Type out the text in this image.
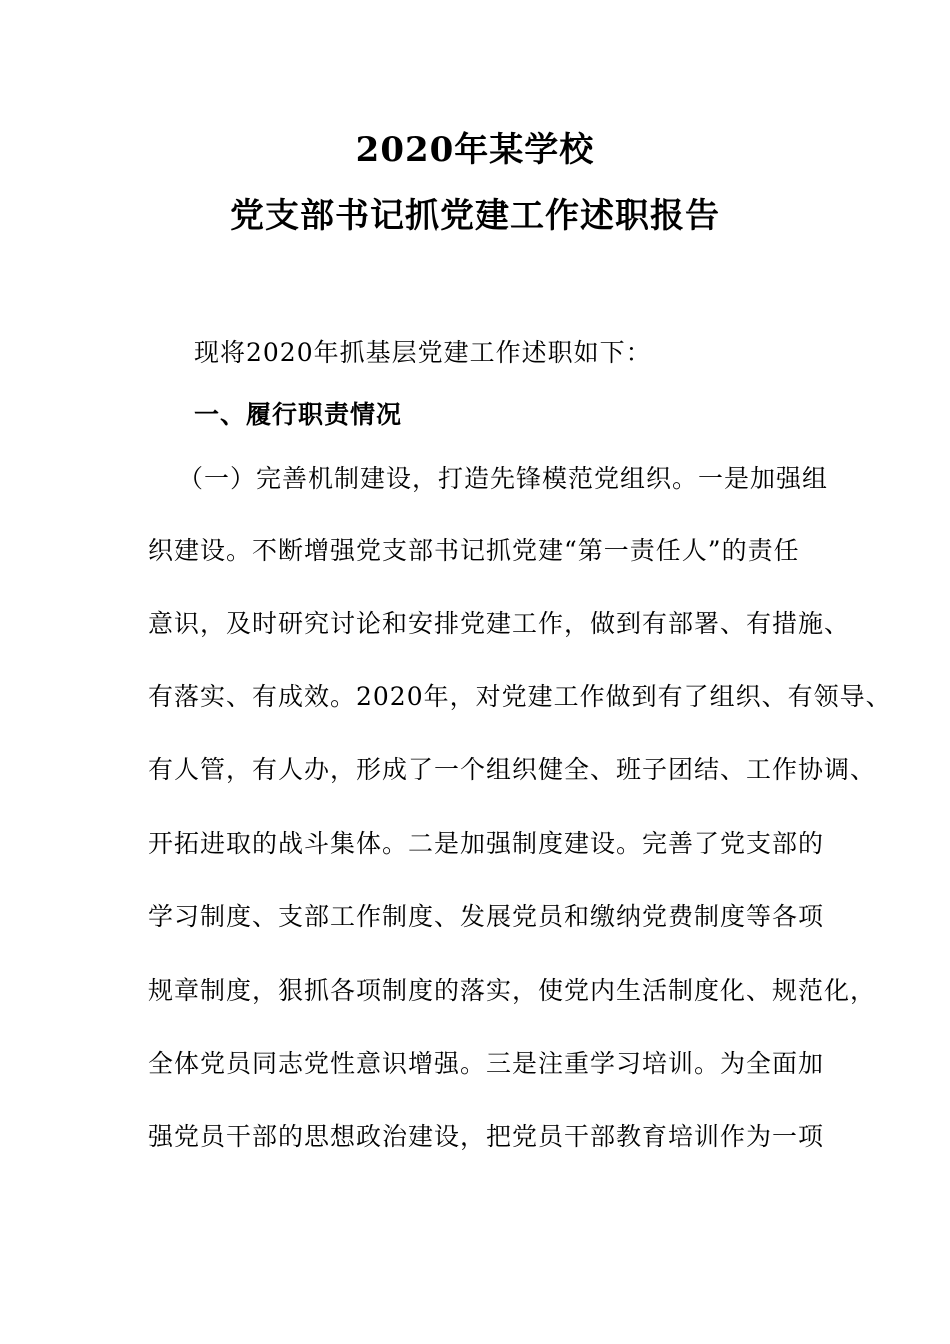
2020年某学校
党支部书记抓党建工作述职报告
现将2020年抓基层党建工作述职如下：
一、履行职责情况
（一）完善机制建设，打造先锋模范党组织。一是加强组
织建设。不断增强党支部书记抓党建“第一责任人”的责任
意识，及时研究讨论和安排党建工作，做到有部署、有措施、
有落实、有成效。2020年，对党建工作做到有了组织、有领导、
有人管，有人办，形成了一个组织健全、班子团结、工作协调、
开拓进取的战斗集体。二是加强制度建设。完善了党支部的
学习制度、支部工作制度、发展党员和缴纳党费制度等各项
规章制度，狠抓各项制度的落实，使党内生活制度化、规范化，
全体党员同志党性意识增强。三是注重学习培训。为全面加
强党员干部的思想政治建设，把党员干部教育培训作为一项
